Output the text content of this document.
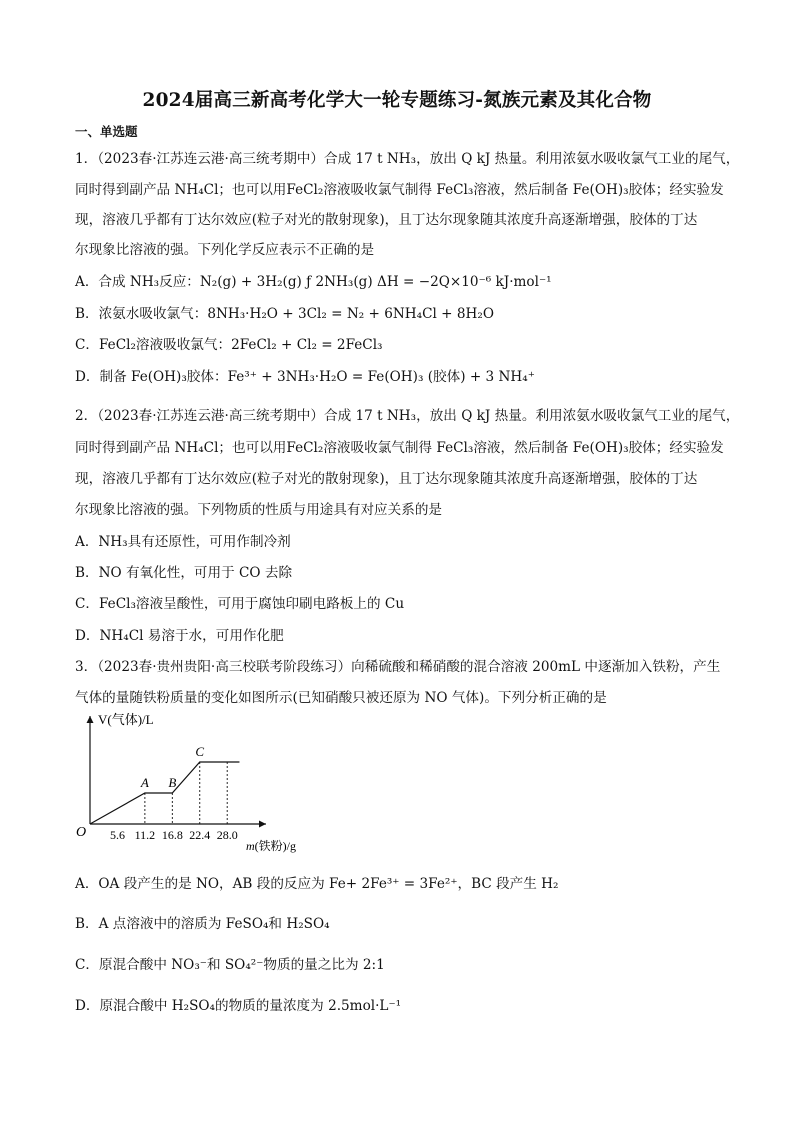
2024届高三新高考化学大一轮专题练习-氮族元素及其化合物
一、单选题
1．（2023春·江苏连云港·高三统考期中）合成 17 t NH₃，放出 Q kJ 热量。利用浓氨水吸收氯气工业的尾气，
同时得到副产品 NH₄Cl；也可以用FeCl₂溶液吸收氯气制得 FeCl₃溶液，然后制备 Fe(OH)₃胶体；经实验发
现，溶液几乎都有丁达尔效应(粒子对光的散射现象)，且丁达尔现象随其浓度升高逐渐增强，胶体的丁达
尔现象比溶液的强。下列化学反应表示不正确的是
A．合成 NH₃反应：N₂(g) + 3H₂(g) ƒ 2NH₃(g) ΔH = −2Q×10⁻⁶ kJ·mol⁻¹
B．浓氨水吸收氯气：8NH₃·H₂O + 3Cl₂ = N₂ + 6NH₄Cl + 8H₂O
C．FeCl₂溶液吸收氯气：2FeCl₂ + Cl₂ = 2FeCl₃
D．制备 Fe(OH)₃胶体：Fe³⁺ + 3NH₃·H₂O = Fe(OH)₃ (胶体) + 3 NH₄⁺
2．（2023春·江苏连云港·高三统考期中）合成 17 t NH₃，放出 Q kJ 热量。利用浓氨水吸收氯气工业的尾气，
同时得到副产品 NH₄Cl；也可以用FeCl₂溶液吸收氯气制得 FeCl₃溶液，然后制备 Fe(OH)₃胶体；经实验发
现，溶液几乎都有丁达尔效应(粒子对光的散射现象)，且丁达尔现象随其浓度升高逐渐增强，胶体的丁达
尔现象比溶液的强。下列物质的性质与用途具有对应关系的是
A．NH₃具有还原性，可用作制冷剂
B．NO 有氧化性，可用于 CO 去除
C．FeCl₃溶液呈酸性，可用于腐蚀印刷电路板上的 Cu
D．NH₄Cl 易溶于水，可用作化肥
3．（2023春·贵州贵阳·高三校联考阶段练习）向稀硫酸和稀硝酸的混合溶液 200mL 中逐渐加入铁粉，产生
气体的量随铁粉质量的变化如图所示(已知硝酸只被还原为 NO 气体)。下列分析正确的是
V(气体)/L
O
m(铁粉)/g
5.6 11.2 16.8 22.4 28.0
A B
C
A．OA 段产生的是 NO，AB 段的反应为 Fe+ 2Fe³⁺ = 3Fe²⁺，BC 段产生 H₂
B．A 点溶液中的溶质为 FeSO₄和 H₂SO₄
C．原混合酸中 NO₃⁻和 SO₄²⁻物质的量之比为 2:1
D．原混合酸中 H₂SO₄的物质的量浓度为 2.5mol·L⁻¹
